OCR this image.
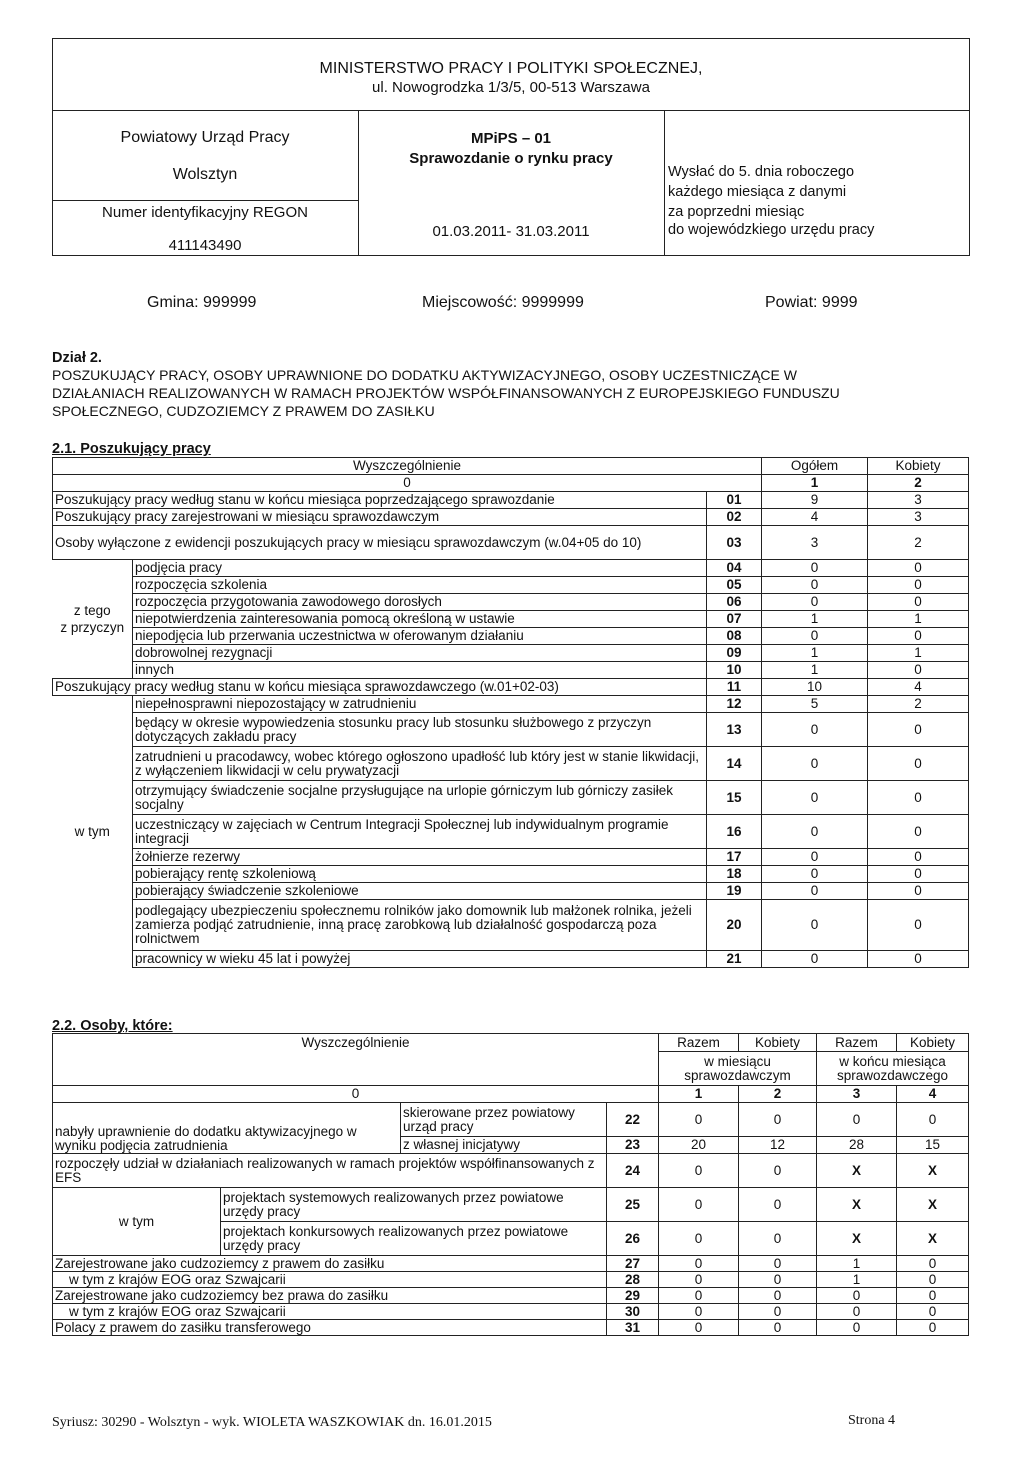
MINISTERSTWO PRACY I POLITYKI SPOŁECZNEJ,
ul. Nowogrodzka 1/3/5, 00-513 Warszawa
Powiatowy Urząd Pracy
Wolsztyn
Numer identyfikacyjny REGON
411143490
MPiPS – 01
Sprawozdanie o rynku pracy
01.03.2011- 31.03.2011
Wysłać do 5. dnia roboczego
każdego miesiąca z danymi
za poprzedni miesiąc
do wojewódzkiego urzędu pracy
Gmina: 999999	Miejscowość: 9999999	Powiat: 9999
Dział 2.
POSZUKUJĄCY PRACY, OSOBY UPRAWNIONE DO DODATKU AKTYWIZACYJNEGO, OSOBY UCZESTNICZĄCE W
DZIAŁANIACH REALIZOWANYCH W RAMACH PROJEKTÓW WSPÓŁFINANSOWANYCH Z EUROPEJSKIEGO FUNDUSZU
SPOŁECZNEGO, CUDZOZIEMCY Z PRAWEM DO ZASIŁKU
2.1. Poszukujący pracy
Wyszczególnienie			Ogółem	Kobiety
0			1	2
Poszukujący pracy według stanu w końcu miesiąca poprzedzającego sprawozdanie		01	9	3
Poszukujący pracy zarejestrowani w miesiącu sprawozdawczym		02	4	3
Osoby wyłączone z ewidencji poszukujących pracy w miesiącu sprawozdawczym (w.04+05 do 10)		03	3	2

z tego
z przyczyn	podjęcia pracy	04	0	0
	rozpoczęcia szkolenia	05	0	0
	rozpoczęcia przygotowania zawodowego dorosłych	06	0	0
	niepotwierdzenia zainteresowania pomocą określoną w ustawie	07	1	1
	niepodjęcia lub przerwania uczestnictwa w oferowanym działaniu	08	0	0
	dobrowolnej rezygnacji	09	1	1
	innych	10	1	0
Poszukujący pracy według stanu w końcu miesiąca sprawozdawczego (w.01+02-03)		11	10	4
w tym	niepełnosprawni niepozostający w zatrudnieniu	12	5	2
	będący w okresie wypowiedzenia stosunku pracy lub stosunku służbowego z przyczyn dotyczących zakładu pracy	13	0	0
	zatrudnieni u pracodawcy, wobec którego ogłoszono upadłość lub który jest w stanie likwidacji, z wyłączeniem likwidacji w celu prywatyzacji	14	0	0
	otrzymujący świadczenie socjalne przysługujące na urlopie górniczym lub górniczy zasiłek socjalny	15	0	0
	uczestniczący w zajęciach w Centrum Integracji Społecznej lub indywidualnym programie integracji	16	0	0
	żołnierze rezerwy	17	0	0
	pobierający rentę szkoleniową	18	0	0
	pobierający świadczenie szkoleniowe	19	0	0
	podlegający ubezpieczeniu społecznemu rolników jako domownik lub małżonek rolnika, jeżeli zamierza podjąć zatrudnienie, inną pracę zarobkową lub działalność gospodarczą poza rolnictwem	20	0	0
	pracownicy w wieku 45 lat i powyżej	21	0	0
2.2. Osoby, które:
Wyszczególnienie				Razem	Kobiety	Razem	Kobiety
				w miesiącu sprawozdawczym		w końcu miesiąca sprawozdawczego	

0				1	2	3	4
nabyły uprawnienie do dodatku aktywizacyjnego w wyniku podjęcia zatrudnienia		skierowane przez powiatowy urząd pracy	22	0	0	0	0
		z własnej inicjatywy	23	20	12	28	15
rozpoczęły udział w działaniach realizowanych w ramach projektów współfinansowanych z EFS			24	0	0	X	X
w tym	projektach systemowych realizowanych przez powiatowe urzędy pracy		25	0	0	X	X
	projektach konkursowych realizowanych przez powiatowe urzędy pracy		26	0	0	X	X
Zarejestrowane jako cudzoziemcy z prawem do zasiłku			27	0	0	1	0
w tym z krajów EOG oraz Szwajcarii			28	0	0	1	0
Zarejestrowane jako cudzoziemcy bez prawa do zasiłku			29	0	0	0	0
w tym z krajów EOG oraz Szwajcarii			30	0	0	0	0
Polacy z prawem do zasiłku transferowego			31	0	0	0	0
Syriusz: 30290 - Wolsztyn - wyk. WIOLETA WASZKOWIAK dn. 16.01.2015	Strona 4
